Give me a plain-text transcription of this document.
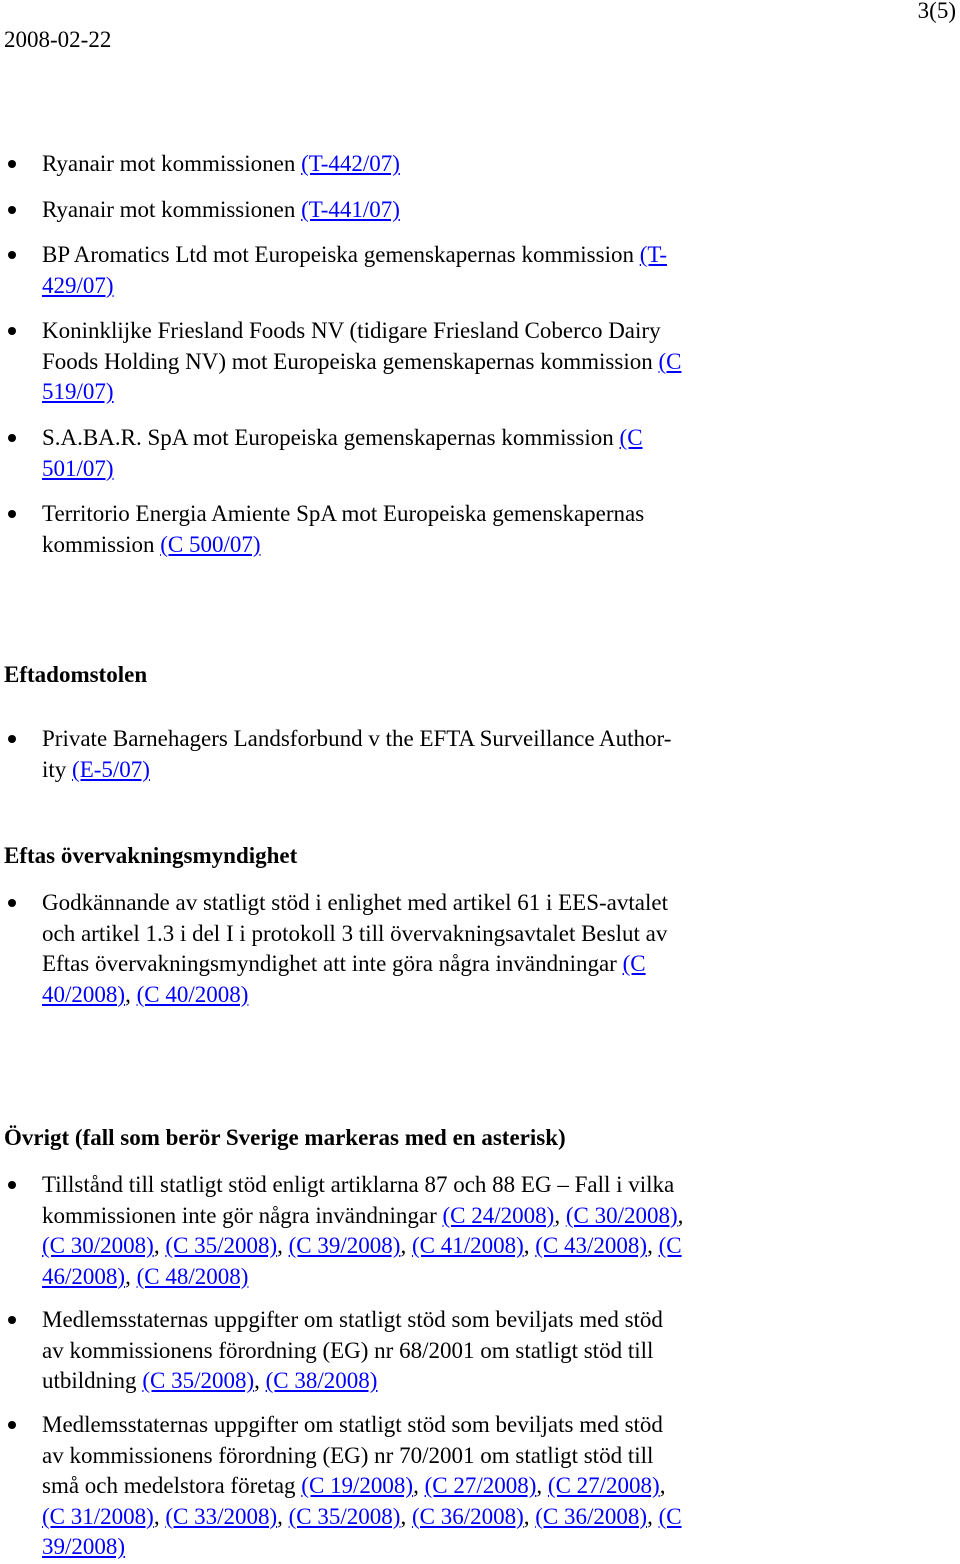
2008-02-22
3(5)
Ryanair mot kommissionen (T-442/07)
Ryanair mot kommissionen (T-441/07)
BP Aromatics Ltd mot Europeiska gemenskapernas kommission (T-
429/07)
Koninklijke Friesland Foods NV (tidigare Friesland Coberco Dairy
Foods Holding NV) mot Europeiska gemenskapernas kommission (C
519/07)
S.A.BA.R. SpA mot Europeiska gemenskapernas kommission (C
501/07)
Territorio Energia Amiente SpA mot Europeiska gemenskapernas
kommission (C 500/07)
Eftadomstolen
Private Barnehagers Landsforbund v the EFTA Surveillance Author-
ity (E-5/07)
Eftas övervakningsmyndighet
Godkännande av statligt stöd i enlighet med artikel 61 i EES-avtalet
och artikel 1.3 i del I i protokoll 3 till övervakningsavtalet Beslut av
Eftas övervakningsmyndighet att inte göra några invändningar (C
40/2008), (C 40/2008)
Övrigt (fall som berör Sverige markeras med en asterisk)
Tillstånd till statligt stöd enligt artiklarna 87 och 88 EG – Fall i vilka
kommissionen inte gör några invändningar (C 24/2008), (C 30/2008),
(C 30/2008), (C 35/2008), (C 39/2008), (C 41/2008), (C 43/2008), (C
46/2008), (C 48/2008)
Medlemsstaternas uppgifter om statligt stöd som beviljats med stöd
av kommissionens förordning (EG) nr 68/2001 om statligt stöd till
utbildning (C 35/2008), (C 38/2008)
Medlemsstaternas uppgifter om statligt stöd som beviljats med stöd
av kommissionens förordning (EG) nr 70/2001 om statligt stöd till
små och medelstora företag (C 19/2008), (C 27/2008), (C 27/2008),
(C 31/2008), (C 33/2008), (C 35/2008), (C 36/2008), (C 36/2008), (C
39/2008)
